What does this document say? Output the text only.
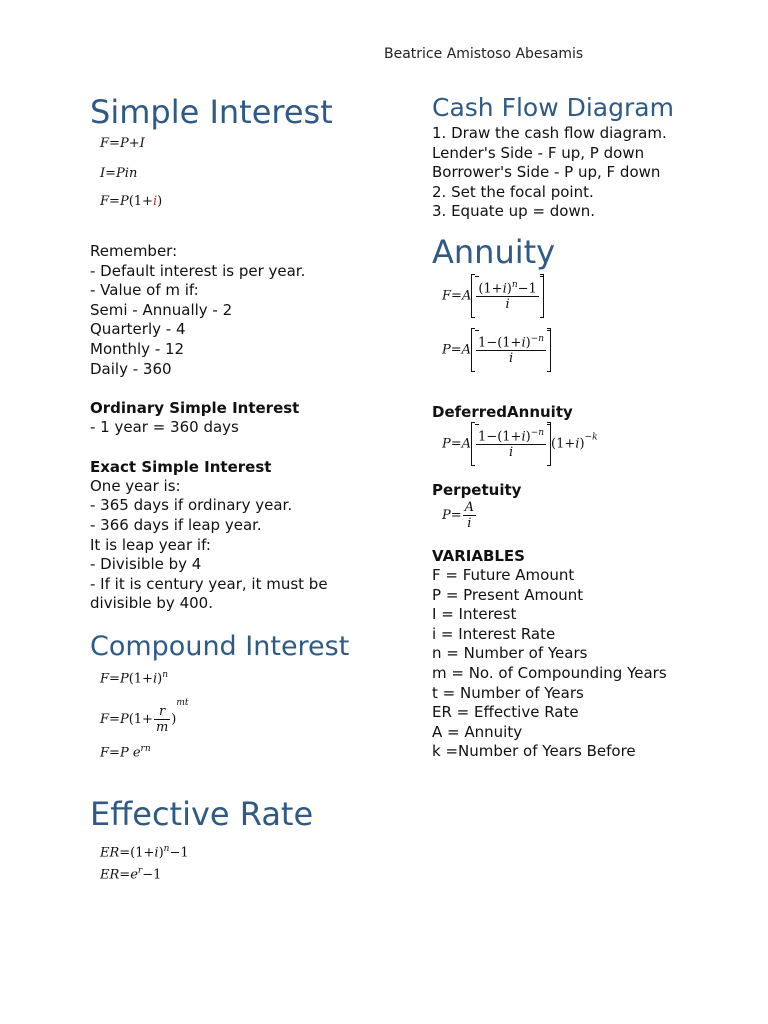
Beatrice Amistoso Abesamis
Simple Interest
F=P+I
I=Pin
F=P(1+i)
Remember:
- Default interest is per year.
- Value of m if:
Semi - Annually - 2
Quarterly - 4
Monthly - 12
Daily - 360
Ordinary Simple Interest
- 1 year = 360 days
Exact Simple Interest
One year is:
- 365 days if ordinary year.
- 366 days if leap year.
It is leap year if:
- Divisible by 4
- If it is century year, it must be divisible by 400.
Compound Interest
$F=P(1+i)^n$
$F=P(1+ \frac{r}{m} )^{mt}$
F=P $e^{rn}$
Effective Rate
$ER=(1+i)^n-1$
$ER=e^r-1$
Cash Flow Diagram
1. Draw the cash flow diagram.
Lender's Side - F up, P down
Borrower's Side - P up, F down
2. Set the focal point.
3. Equate up = down.
Annuity
$F=A \frac{(1+i)^n-1}{i}$
$P=A \frac{1-(1+i)^{-n}}{i}$
DeferredAnnuity
$P=A \frac{1-(1+i)^{-n}}{i} (1+i)^{-k}$
Perpetuity
$P= \frac{A}{i}$
VARIABLES
F = Future Amount
P = Present Amount
I = Interest
i = Interest Rate
n = Number of Years
m = No. of Compounding Years
t = Number of Years
ER = Effective Rate
A = Annuity
k =Number of Years Before
